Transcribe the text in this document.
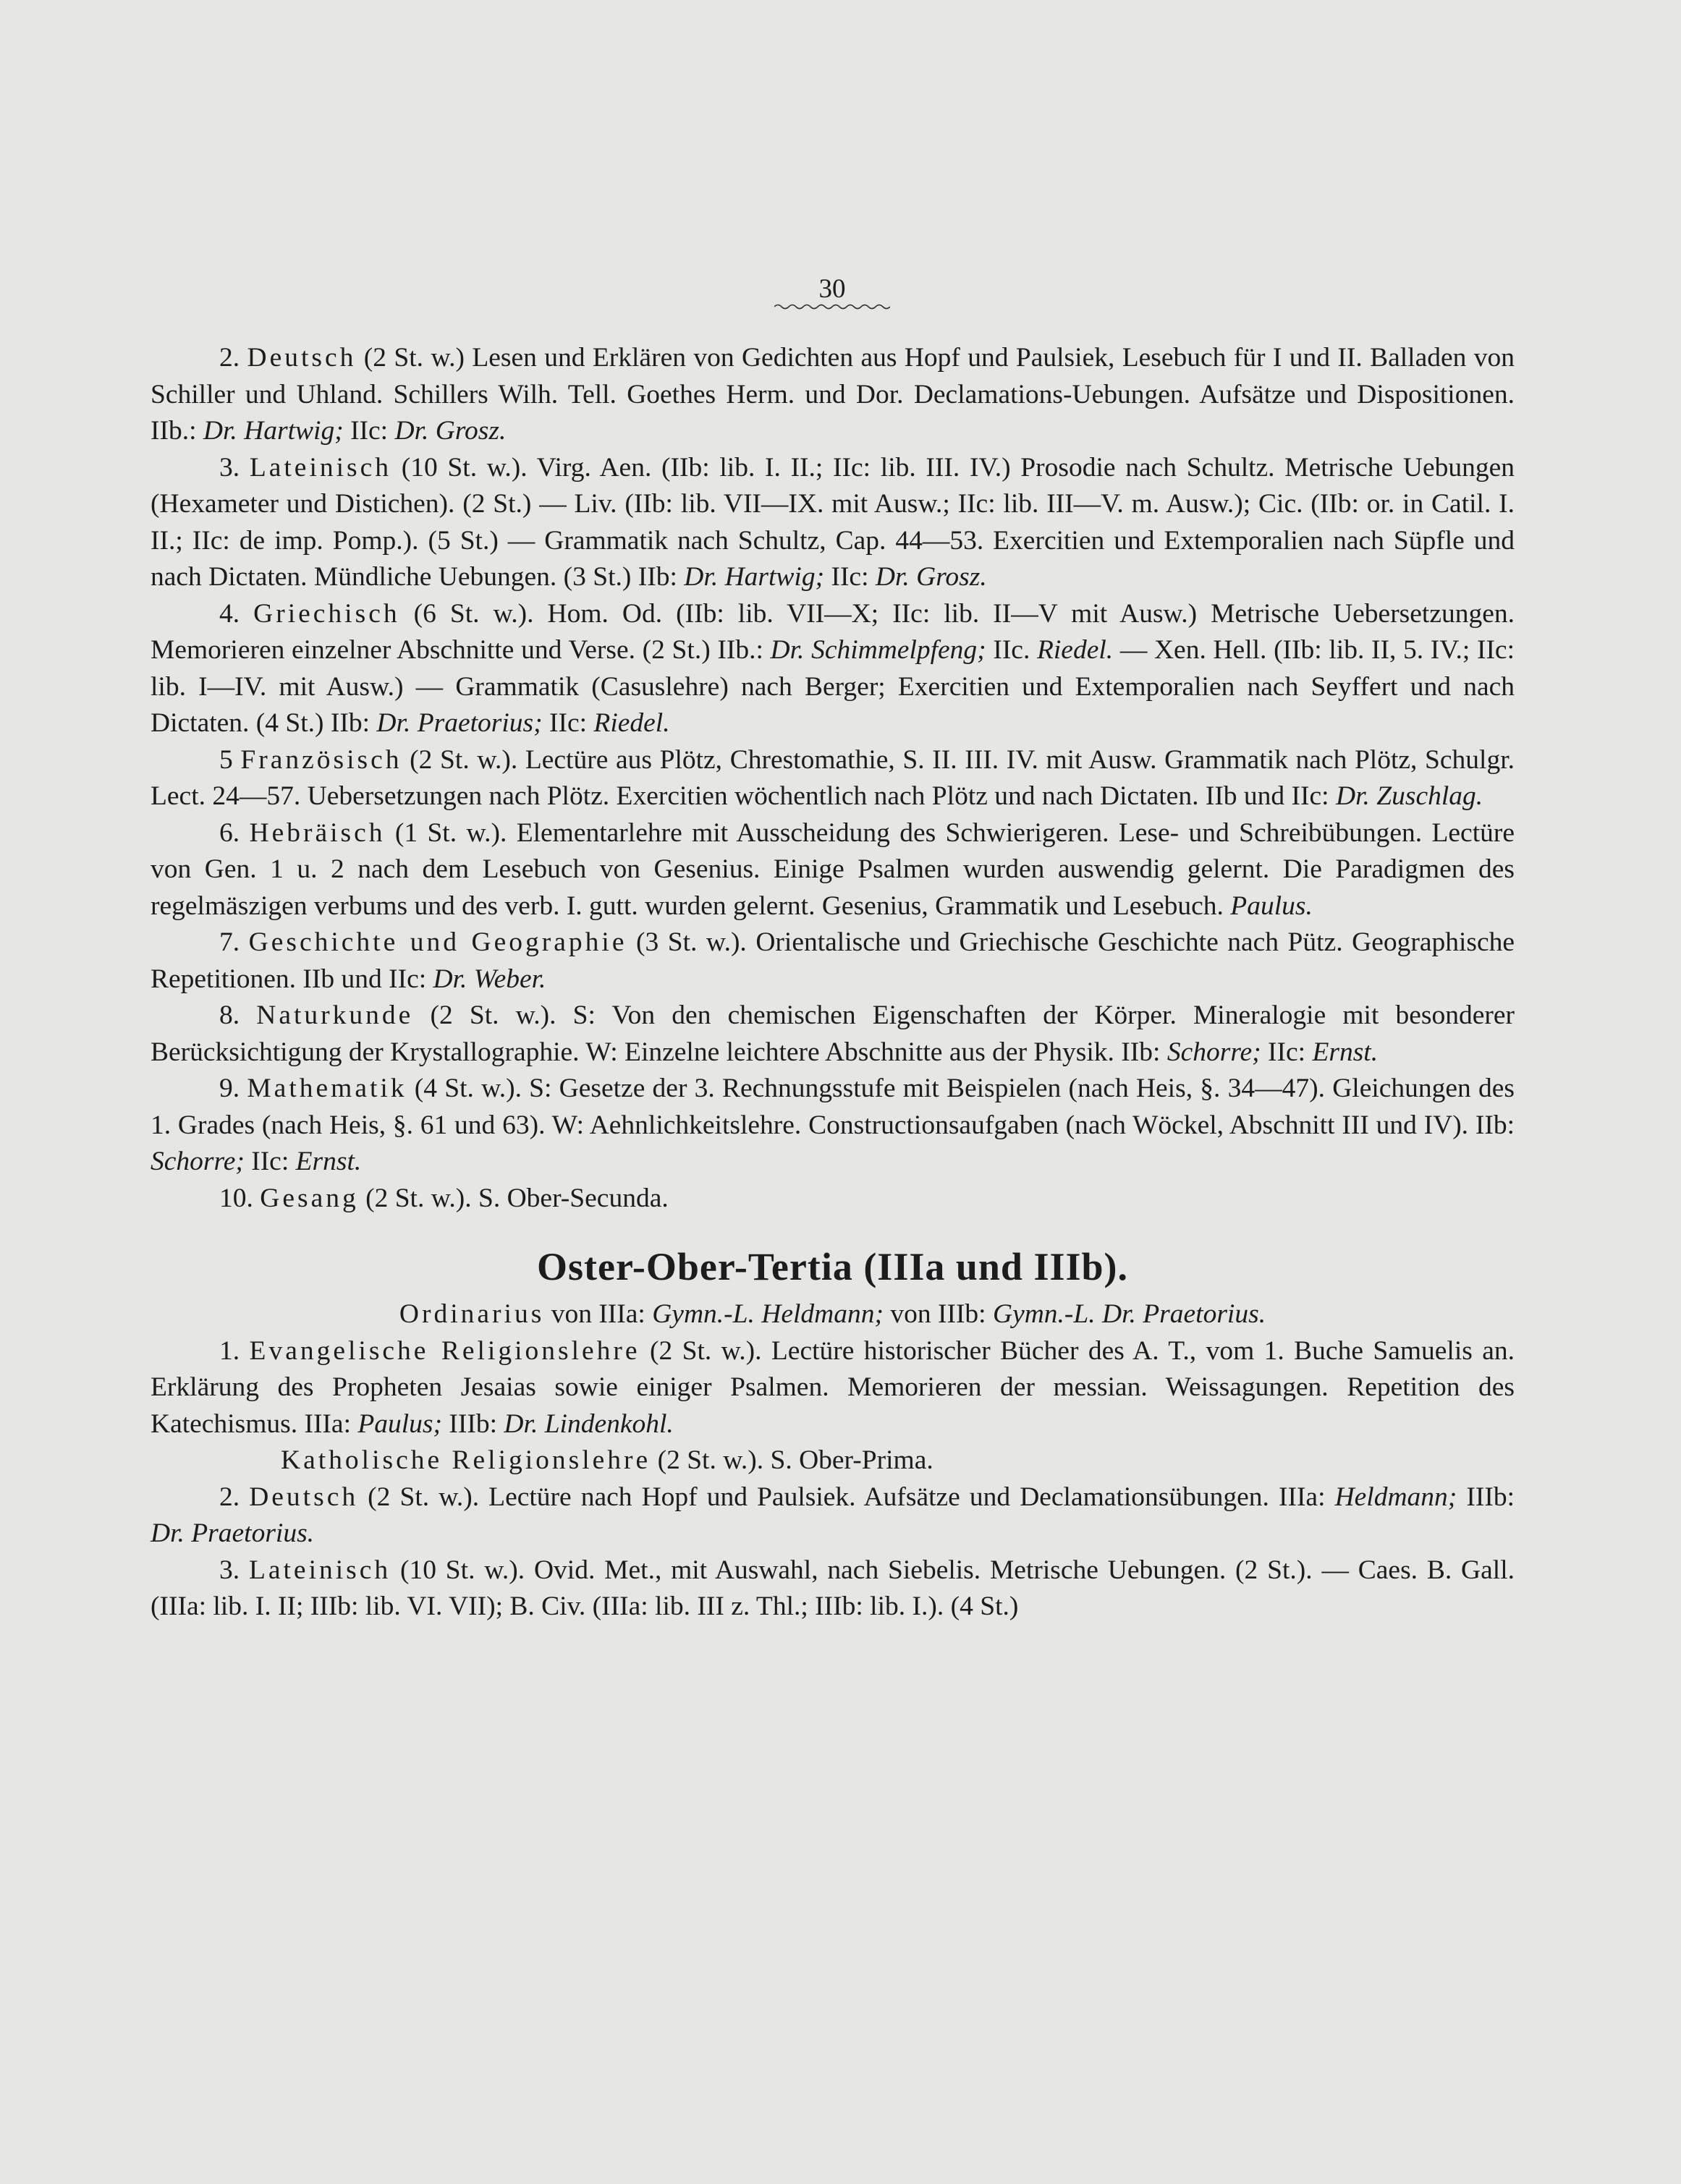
30

2. Deutsch (2 St. w.) Lesen und Erklären von Gedichten aus Hopf und Paulsiek, Lesebuch für I und II. Balladen von Schiller und Uhland. Schillers Wilh. Tell. Goethes Herm. und Dor. Declamations-Uebungen. Aufsätze und Dispositionen. IIb.: Dr. Hartwig; IIc: Dr. Grosz.

3. Lateinisch (10 St. w.). Virg. Aen. (IIb: lib. I. II.; IIc: lib. III. IV.) Prosodie nach Schultz. Metrische Uebungen (Hexameter und Distichen). (2 St.) — Liv. (IIb: lib. VII—IX. mit Ausw.; IIc: lib. III—V. m. Ausw.); Cic. (IIb: or. in Catil. I. II.; IIc: de imp. Pomp.). (5 St.) — Grammatik nach Schultz, Cap. 44—53. Exercitien und Extemporalien nach Süpfle und nach Dictaten. Mündliche Uebungen. (3 St.) IIb: Dr. Hartwig; IIc: Dr. Grosz.

4. Griechisch (6 St. w.). Hom. Od. (IIb: lib. VII—X; IIc: lib. II—V mit Ausw.) Metrische Uebersetzungen. Memorieren einzelner Abschnitte und Verse. (2 St.) IIb.: Dr. Schimmelpfeng; IIc. Riedel. — Xen. Hell. (IIb: lib. II, 5. IV.; IIc: lib. I—IV. mit Ausw.) — Grammatik (Casuslehre) nach Berger; Exercitien und Extemporalien nach Seyffert und nach Dictaten. (4 St.) IIb: Dr. Praetorius; IIc: Riedel.

5 Französisch (2 St. w.). Lectüre aus Plötz, Chrestomathie, S. II. III. IV. mit Ausw. Grammatik nach Plötz, Schulgr. Lect. 24—57. Uebersetzungen nach Plötz. Exercitien wöchentlich nach Plötz und nach Dictaten. IIb und IIc: Dr. Zuschlag.

6. Hebräisch (1 St. w.). Elementarlehre mit Ausscheidung des Schwierigeren. Lese- und Schreibübungen. Lectüre von Gen. 1 u. 2 nach dem Lesebuch von Gesenius. Einige Psalmen wurden auswendig gelernt. Die Paradigmen des regelmäszigen verbums und des verb. I. gutt. wurden gelernt. Gesenius, Grammatik und Lesebuch. Paulus.

7. Geschichte und Geographie (3 St. w.). Orientalische und Griechische Geschichte nach Pütz. Geographische Repetitionen. IIb und IIc: Dr. Weber.

8. Naturkunde (2 St. w.). S: Von den chemischen Eigenschaften der Körper. Mineralogie mit besonderer Berücksichtigung der Krystallographie. W: Einzelne leichtere Abschnitte aus der Physik. IIb: Schorre; IIc: Ernst.

9. Mathematik (4 St. w.). S: Gesetze der 3. Rechnungsstufe mit Beispielen (nach Heis, §. 34—47). Gleichungen des 1. Grades (nach Heis, §. 61 und 63). W: Aehnlichkeitslehre. Constructionsaufgaben (nach Wöckel, Abschnitt III und IV). IIb: Schorre; IIc: Ernst.

10. Gesang (2 St. w.). S. Ober-Secunda.

Oster-Ober-Tertia (IIIa und IIIb).

Ordinarius von IIIa: Gymn.-L. Heldmann; von IIIb: Gymn.-L. Dr. Praetorius.

1. Evangelische Religionslehre (2 St. w.). Lectüre historischer Bücher des A. T., vom 1. Buche Samuelis an. Erklärung des Propheten Jesaias sowie einiger Psalmen. Memorieren der messian. Weissagungen. Repetition des Katechismus. IIIa: Paulus; IIIb: Dr. Lindenkohl.

Katholische Religionslehre (2 St. w.). S. Ober-Prima.

2. Deutsch (2 St. w.). Lectüre nach Hopf und Paulsiek. Aufsätze und Declamationsübungen. IIIa: Heldmann; IIIb: Dr. Praetorius.

3. Lateinisch (10 St. w.). Ovid. Met., mit Auswahl, nach Siebelis. Metrische Uebungen. (2 St.). — Caes. B. Gall. (IIIa: lib. I. II; IIIb: lib. VI. VII); B. Civ. (IIIa: lib. III z. Thl.; IIIb: lib. I.). (4 St.)
